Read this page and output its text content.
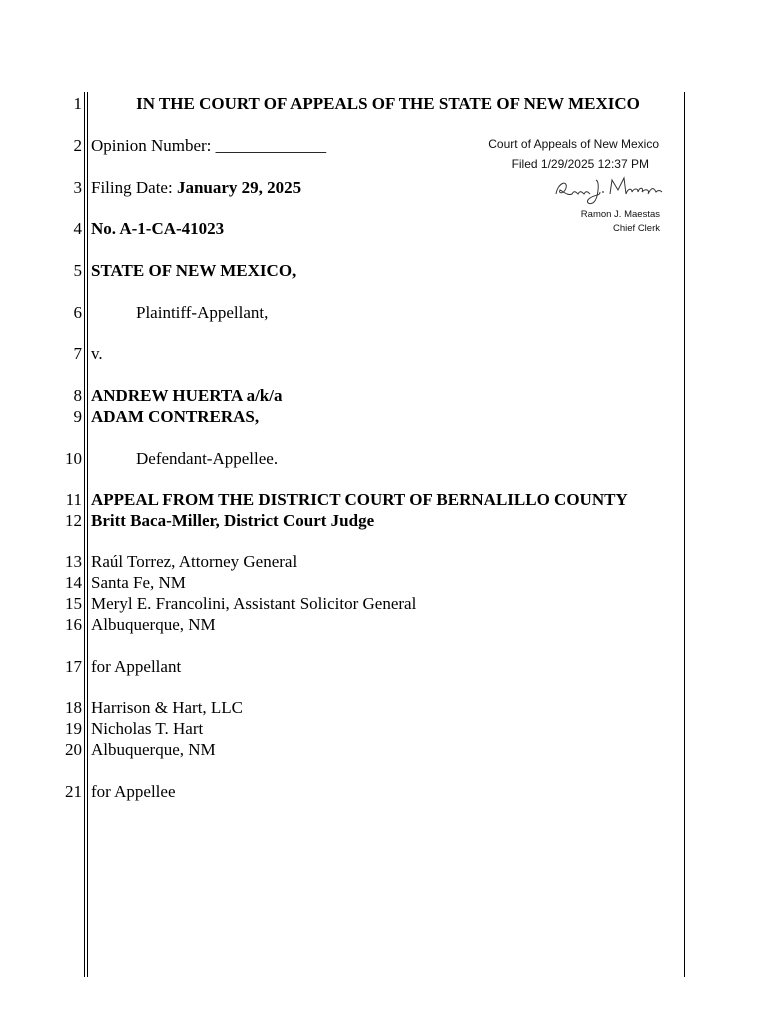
1
2
3
4
5
6
7
8
9
10
11
12
13
14
15
16
17
18
19
20
21
IN THE COURT OF APPEALS OF THE STATE OF NEW MEXICO
Opinion Number: _____________
Filing Date: January 29, 2025
No. A-1-CA-41023
STATE OF NEW MEXICO,
Plaintiff-Appellant,
v.
ANDREW HUERTA a/k/a
ADAM CONTRERAS,
Defendant-Appellee.
APPEAL FROM THE DISTRICT COURT OF BERNALILLO COUNTY
Britt Baca-Miller, District Court Judge
Raúl Torrez, Attorney General
Santa Fe, NM
Meryl E. Francolini, Assistant Solicitor General
Albuquerque, NM
for Appellant
Harrison & Hart, LLC
Nicholas T. Hart
Albuquerque, NM
for Appellee
Court of Appeals of New Mexico
Filed 1/29/2025 12:37 PM
Ramon J. Maestas
Chief Clerk
